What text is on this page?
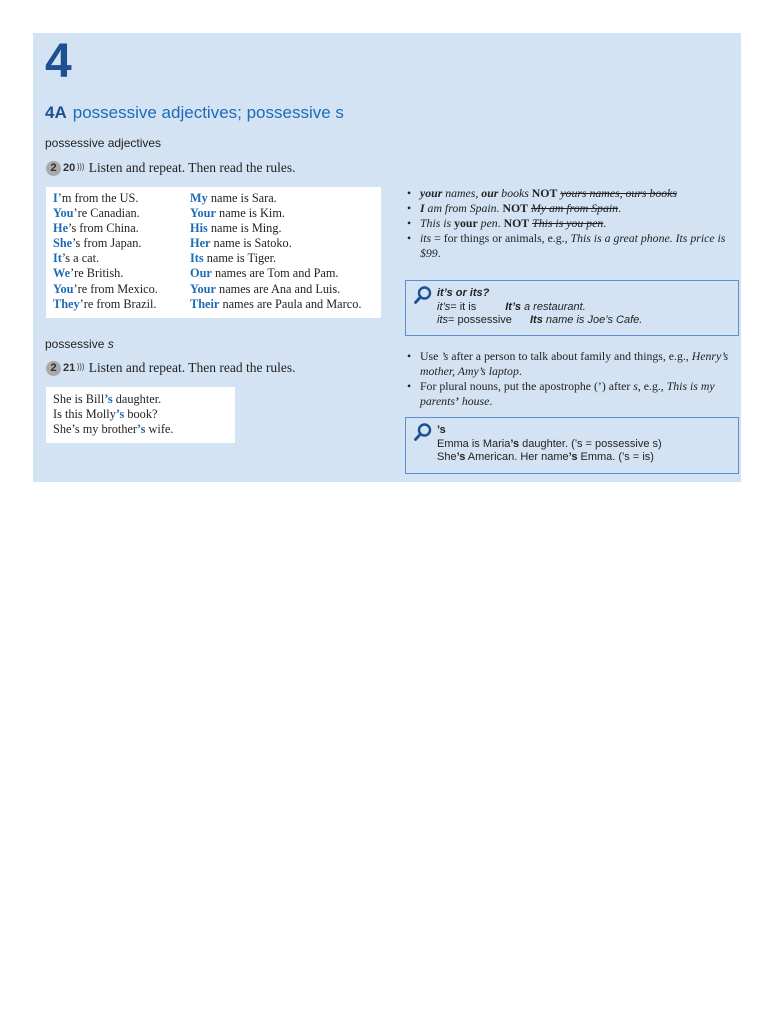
4
4A possessive adjectives; possessive s
possessive adjectives
2 20 ))) Listen and repeat. Then read the rules.
I’m from the US.
You’re Canadian.
He’s from China.
She’s from Japan.
It’s a cat.
We’re British.
You’re from Mexico.
They’re from Brazil.
My name is Sara.
Your name is Kim.
His name is Ming.
Her name is Satoko.
Its name is Tiger.
Our names are Tom and Pam.
Your names are Ana and Luis.
Their names are Paula and Marco.
• your names, our books NOT yours names, ours books
• I am from Spain. NOT My am from Spain.
• This is your pen. NOT This is you pen.
• its = for things or animals, e.g., This is a great phone. Its price is $99.
it’s or its?
it’s= it is	It’s a restaurant.
its= possessive Its name is Joe’s Cafe.
possessive s
2 21 ))) Listen and repeat. Then read the rules.
She is Bill’s daughter.
Is this Molly’s book?
She’s my brother’s wife.
• Use ’s after a person to talk about family and things, e.g., Henry’s mother, Amy’s laptop.
• For plural nouns, put the apostrophe (’) after s, e.g., This is my parents’ house.
’s
Emma is Maria’s daughter. (’s = possessive s)
She’s American. Her name’s Emma. (’s = is)
